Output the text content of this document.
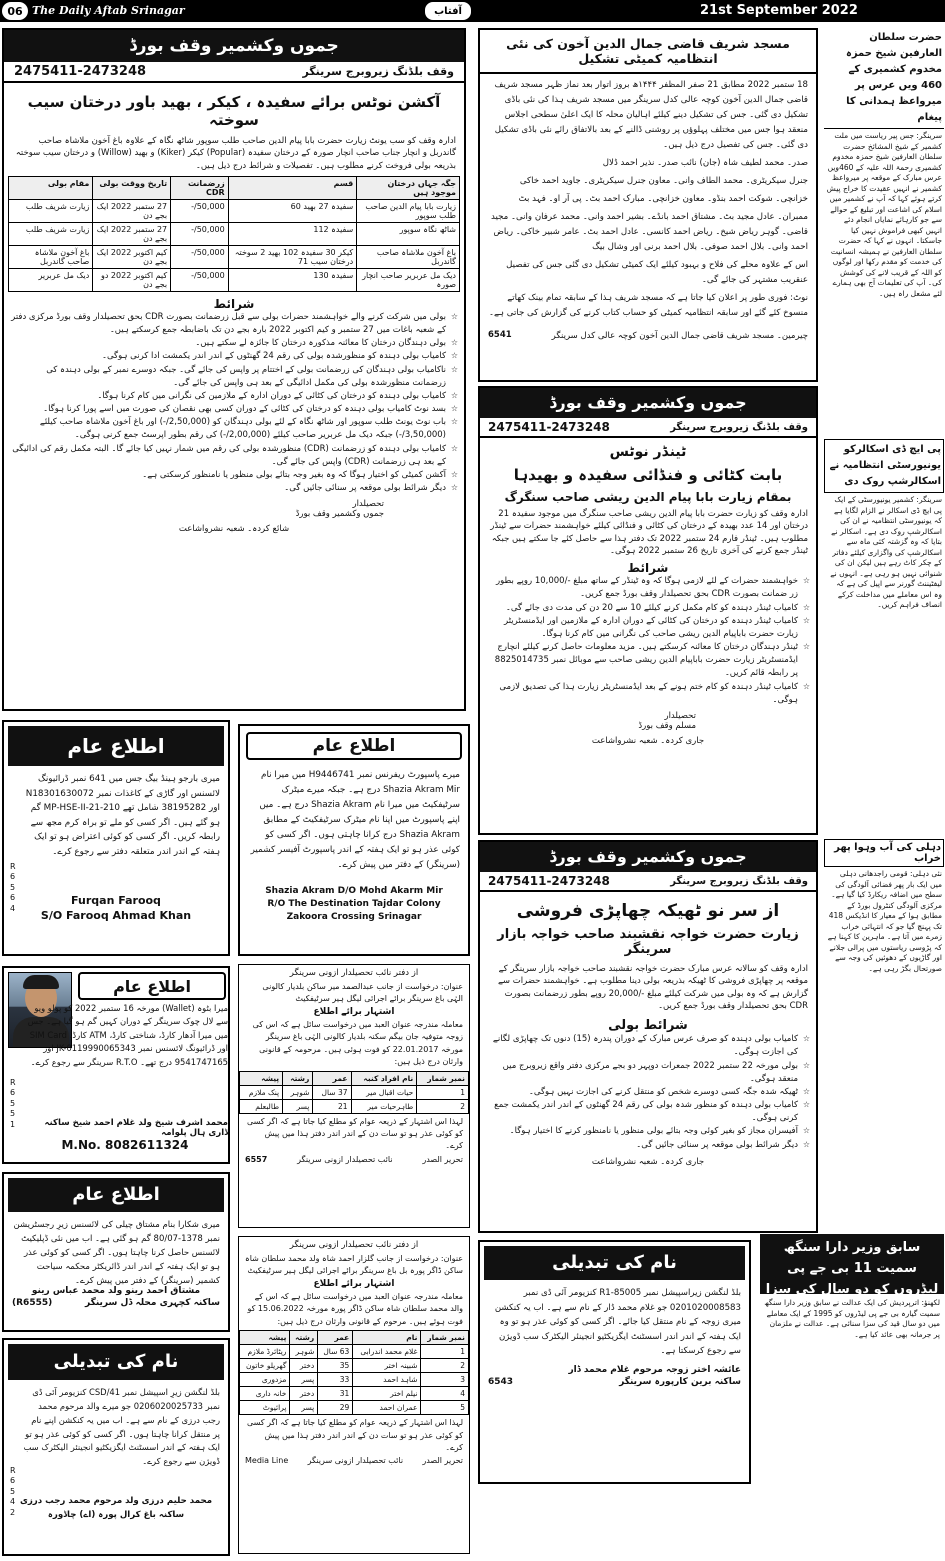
06 The Daily Aftab Srinagar	آفتاب	21st September 2022
جموں وکشمیر وقف بورڈ
وقف بلڈنگ زیروبرج سرینگر
2475411-2473248
آکشن نوٹس برائے سفیدہ ، کیکر ، بھید باور درختان سیب سوختہ
ادارہ وقف کو سب یونٹ زیارت حضرت بابا پیام الدین صاحب طلب سوپور شاٹھ نگاہ کے علاوہ باغ آخون ملاشاہ صاحب گاندربل و انچار جناب صاحب انچار صورہ کے درختان سفیدہ (Popular) کیکر (Kiker) و بھید (Willow) و درختان سیب سوختہ بذریعہ بولی فروخت کرنے مطلوب ہیں۔ تفصیلات و شرائط درج ذیل ہیں۔
جگہ جہاں درختان موجود ہیں	قسم	زرضمانت CDR	تاریخ ووقت بولی	مقام بولی
زیارت بابا پیام الدین صاحب طلب سوپور	سفیدہ 27 بھید 60	50,000/-	27 ستمبر 2022 ایک بجے دن	زیارت شریف طلب
شاٹھ نگاہ سوپور	سفیدہ 112	50,000/-	27 ستمبر 2022 ایک بجے دن	زیارت شریف طلب
باغ آخون ملاشاہ صاحب گاندربل	کیکر 30 سفیدہ 102 بھید 2 سوختہ درختان سیب 71	50,000/-	کیم اکتوبر 2022 ایک بجے دن	باغ آخون ملاشاہ صاحب گاندربل
دیک مل عربریر صاحب انچار صورہ	سفیدہ 130	50,000/-	کیم اکتوبر 2022 دو بجے دن	دیک مل عربریر
شرائط
☆ بولی میں شرکت کرنے والے خواہشمند حضرات بولی سے قبل زرضمانت بصورت CDR بحق تحصیلدار وقف بورڈ مرکزی دفتر کے شعبہ باغات میں 27 ستمبر و کیم اکتوبر 2022 بارہ بجے دن تک باضابطہ جمع کرسکتے ہیں۔
☆ بولی دہندگان درختان کا معائنہ مذکورہ درختان کا جائزہ لے سکتے ہیں۔
☆ کامیاب بولی دہندہ کو منظورشدہ بولی کی رقم 24 گھنٹوں کے اندر اندر یکمشت ادا کرنی ہوگی۔
☆ ناکامیاب بولی دہندگان کی زرضمانت بولی کے اختتام پر واپس کی جائے گی۔ جبکہ دوسرے نمبر کے بولی دہندہ کی زرضمانت منظورشدہ بولی کی مکمل ادائیگی کے بعد ہی واپس کی جائے گی۔
☆ کامیاب بولی دہندہ کو درختان کی کٹائی کے دوران ادارہ کے ملازمین کی نگرانی میں کام کرنا ہوگا۔
☆ بسد نوٹ کامیاب بولی دہندہ کو درختان کی کٹائی کے دوران کسی بھی نقصان کی صورت میں اسے پورا کرنا ہوگا۔
☆ باب نوٹ یونٹ طلب سوپور اور شاٹھ نگاہ کے لئے بولی دہندگان کو (2,50,000/-) اور باغ آخون ملاشاہ صاحب کیلئے (3,50,000/-) جبکہ دیک مل عربریر صاحب کیلئے (2,00,000/-) کی رقم بطور اپرسٹ جمع کرنی ہوگی۔
☆ کامیاب بولی دہندہ کو زرضمانت (CDR) منظورشدہ بولی کی رقم میں شمار نہیں کیا جائے گا۔ البتہ مکمل رقم کی ادائیگی کے بعد ہی زرضمانت (CDR) واپس کی جائے گی۔
☆ آکشن کمیٹی کو اختیار ہوگا کہ وہ بغیر وجہ بتائے بولی منظور یا نامنظور کرسکتی ہے۔
☆ دیگر شرائط بولی موقعہ پر سنائی جائیں گی۔
تحصیلدار
جموں وکشمیر وقف بورڈ
شائع کردہ۔ شعبہ نشرواشاعت
مسجد شریف قاضی جمال الدین آخون کی نئی انتظامیہ کمیٹی تشکیل

18 ستمبر 2022 مطابق 21 صفر المظفر ۱۴۴۴ھ بروز اتوار بعد نماز ظہر مسجد شریف قاضی جمال الدین آخون کوچہ عالی کدل سرینگر میں مسجد شریف ہذا کی نئی باڈی تشکیل دی گئی۔ جس کی تشکیل دینے کیلئے اہالیان محلہ کا ایک اعلیٰ سطحی اجلاس منعقد ہوا جس میں مختلف پہلوؤں پر روشنی ڈالنے کے بعد بالاتفاق رائے نئی باڈی تشکیل دی گئی۔ جس کی تفصیل درج ذیل ہیں۔

صدر۔ محمد لطیف شاہ (جان) نائب صدر۔ نذیر احمد ڈلال

جنرل سیکریٹری۔ محمد الطاف وانی۔ معاون جنرل سیکریٹری۔ جاوید احمد خاکی

خزانچی۔ شوکت احمد بنڈو۔ معاون خزانچی۔ مبارک احمد بٹ۔ پی آر او۔ فہد بٹ

ممبران۔ عادل مجید بٹ۔ مشتاق احمد بانڈے۔ بشیر احمد وانی۔ محمد عرفان وانی۔ مجید قاضی۔ گوہر ریاض شیخ۔ ریاض احمد کانسی۔ عادل احمد بٹ۔ عامر شبیر خاکی۔ ریاض احمد وانی۔ بلال احمد صوفی۔ بلال احمد برنی اور وشال بیگ

اس کے علاوہ محلے کی فلاح و بہبود کیلئے ایک کمیٹی تشکیل دی گئی جس کی تفصیل عنقریب مشتہر کی جائے گی۔

نوٹ: فوری طور پر اعلان کیا جاتا ہے کہ مسجد شریف ہذا کے سابقہ تمام بینک کھاتے منسوخ کئے گئے اور سابقہ انتظامیہ کمیٹی کو حساب کتاب کرنے کی گزارش کی جاتی ہے۔

چیرمین۔ مسجد شریف قاضی جمال الدین آخون کوچہ عالی کدل سرینگر
6541
جموں وکشمیر وقف بورڈ
وقف بلڈنگ زیروبرج سرینگر
2475411-2473248
ٹینڈر نوٹس
بابت کٹائی و فنڈائی سفیدہ و بھیدہا
بمقام زیارت بابا پیام الدین ریشی صاحب سنگرگ
ادارہ وقف کو زیارت حضرت بابا پیام الدین ریشی صاحب سنگرگ میں موجود سفیدہ 21 درختان اور 14 عدد بھیدہ کے درختان کی کٹائی و فنڈائی کیلئے خواہشمند حضرات سے ٹینڈر مطلوب ہیں۔ ٹینڈر فارم 24 ستمبر 2022 تک دفتر ہذا سے حاصل کئے جا سکتے ہیں جبکہ ٹینڈر جمع کرنے کی آخری تاریخ 26 ستمبر 2022 ہوگی۔
شرائط
☆ خواہشمند حضرات کے لئے لازمی ہوگا کہ وہ ٹینڈر کے ساتھ مبلغ -/10,000 روپے بطور زر ضمانت بصورت CDR بحق تحصیلدار وقف بورڈ جمع کریں۔
☆ کامیاب ٹینڈر دہندہ کو کام مکمل کرنے کیلئے 10 سے 20 دن کی مدت دی جائے گی۔
☆ کامیاب ٹینڈر دہندہ کو درختان کی کٹائی کے دوران ادارہ کے ملازمین اور ایڈمنسٹریٹر زیارت حضرت باباپیام الدین ریشی صاحب کی نگرانی میں کام کرنا ہوگا۔
☆ ٹینڈر دہندگان درختان کا معائنہ کرسکتے ہیں۔ مزید معلومات حاصل کرنے کیلئے انچارج ایڈمنسٹریٹر زیارت حضرت باباپیام الدین ریشی صاحب سے موبائل نمبر 8825014735 پر رابطہ قائم کریں۔
☆ کامیاب ٹینڈر دہندہ کو کام ختم ہونے کے بعد ایڈمنسٹریٹر زیارت ہذا کی تصدیق لازمی ہوگی۔
تحصیلدار
مسلم وقف بورڈ
جاری کردہ۔ شعبہ نشرواشاعت
جموں وکشمیر وقف بورڈ
وقف بلڈنگ زیروبرج سرینگر
2475411-2473248
از سر نو ٹھیکہ چھاپڑی فروشی
زیارت حضرت خواجہ نقشبند صاحب خواجہ بازار سرینگر
ادارہ وقف کو سالانہ عرس مبارک حضرت خواجہ نقشبند صاحب خواجہ بازار سرینگر کے موقعہ پر چھاپڑی فروشی کا ٹھیکہ بذریعہ بولی دینا مطلوب ہے۔ خواہشمند حضرات سے گزارش ہے کہ وہ بولی میں شرکت کیلئے مبلغ -/20,000 روپے بطور زرضمانت بصورت CDR بحق تحصیلدار وقف بورڈ جمع کریں۔
شرائط بولی
☆ کامیاب بولی دہندہ کو صرف عرس مبارک کے دوران پندرہ (15) دنوں تک چھاپڑی لگانے کی اجازت ہوگی۔
☆ بولی مورخہ 22 ستمبر 2022 جمعرات دوپہر دو بجے مرکزی دفتر واقع زیروبرج میں منعقد ہوگی۔
☆ ٹھیکہ شدہ جگہ کسی دوسرے شخص کو منتقل کرنے کی اجازت نہیں ہوگی۔
☆ کامیاب بولی دہندہ کو منظور شدہ بولی کی رقم 24 گھنٹوں کے اندر اندر یکمشت جمع کرنی ہوگی۔
☆ آفیسران مجاز کو بغیر کوئی وجہ بتائے بولی منظور یا نامنظور کرنے کا اختیار ہوگا۔
☆ دیگر شرائط بولی موقعہ پر سنائی جائیں گی۔
جاری کردہ۔ شعبہ نشرواشاعت
نام کی تبدیلی
بلڈ لنگشن زیراسپیشل نمبر R1-85005 کنزیومر آئی ڈی نمبر 0201020008583 جو غلام محمد ڈار کے نام سے ہے۔ اب یہ کنکشن میری زوجہ کے نام منتقل کیا جائے۔ اگر کسی کو کوئی عذر ہو تو وہ ایک ہفتہ کے اندر اندر اسسٹنٹ ایگزیکٹیو انجینئر الیکٹرک سب ڈویژن سے رجوع کرسکتا ہے۔
عائشہ اختر زوجہ مرحوم غلام محمد ڈار
ساکنہ برین کارپورہ سرینگر
6543
حضرت سلطان العارفین شیخ حمزہ مخدوم کشمیری کے 460 ویں عرس پر میرواعظ ہمدانی کا پیغام
سرینگر: جس پیر ریاست میں ملت کشمیر کے شیخ المشائخ حضرت سلطان العارفین شیخ حمزہ مخدوم کشمیری رحمۃ اللہ علیہ کے 460ویں عرس مبارک کے موقعہ پر میرواعظ کشمیر نے انہیں عقیدت کا خراج پیش کرتے ہوئے کہا کہ آپ نے کشمیر میں اسلام کی اشاعت اور تبلیغ کے حوالے سے جو کارہائے نمایاں انجام دئے انہیں کبھی فراموش نہیں کیا جاسکتا۔ انہوں نے کہا کہ حضرت سلطان العارفین نے ہمیشہ انسانیت کی خدمت کو مقدم رکھا اور لوگوں کو اللہ کے قریب لانے کی کوشش کی۔ آپ کی تعلیمات آج بھی ہمارے لئے مشعل راہ ہیں۔
پی ایچ ڈی اسکالرکو یونیورسٹی انتظامیہ نے اسکالرشپ روک دی
سرینگر: کشمیر یونیورسٹی کے ایک پی ایچ ڈی اسکالر نے الزام لگایا ہے کہ یونیورسٹی انتظامیہ نے ان کی اسکالرشپ روک دی ہے۔ اسکالر نے بتایا کہ وہ گزشتہ کئی ماہ سے اسکالرشپ کی واگزاری کیلئے دفاتر کے چکر کاٹ رہے ہیں لیکن ان کی شنوائی نہیں ہو رہی ہے۔ انہوں نے لیفٹیننٹ گورنر سے اپیل کی ہے کہ وہ اس معاملے میں مداخلت کرکے انصاف فراہم کریں۔
دہلی کی آب وہوا پھر خراب
نئی دہلی: قومی راجدھانی دہلی میں ایک بار پھر فضائی آلودگی کی سطح میں اضافہ ریکارڈ کیا گیا ہے۔ مرکزی آلودگی کنٹرول بورڈ کے مطابق ہوا کے معیار کا انڈیکس 418 تک پہنچ گیا جو کہ انتہائی خراب زمرے میں آتا ہے۔ ماہرین کا کہنا ہے کہ پڑوسی ریاستوں میں پرالی جلانے اور گاڑیوں کے دھوئیں کی وجہ سے صورتحال بگڑ رہی ہے۔
سابق وزیر دارا سنگھ سمیت 11 بی جے پی لیڈروں کو دو سال کی سزا
لکھنؤ: اترپردیش کی ایک عدالت نے سابق وزیر دارا سنگھ سمیت گیارہ بی جے پی لیڈروں کو 1995 کے ایک معاملے میں دو سال قید کی سزا سنائی ہے۔ عدالت نے ملزمان پر جرمانہ بھی عائد کیا ہے۔
اطلاع عام
میری بارجو ہینڈ بیگ جس میں 641 نمبر ڈرائیونگ لائسنس اور گاڑی کے کاغذات نمبر N18301630072 اور 38195282 شامل تھے MP-HSE-II-21-210 گم ہو گئے ہیں۔ اگر کسی کو ملے تو براہ کرم مجھ سے رابطہ کریں۔ اگر کسی کو کوئی اعتراض ہو تو ایک ہفتہ کے اندر اندر متعلقہ دفتر سے رجوع کرے۔
R
6
5
6
4
Furqan Farooq
S/O Farooq Ahmad Khan
اطلاع عام
میرے پاسپورٹ ریفرنس نمبر H9446741 میں میرا نام Shazia Akram Mir درج ہے۔ جبکہ میرے میٹرک سرٹیفکیٹ میں میرا نام Shazia Akram درج ہے۔ میں اپنے پاسپورٹ میں اپنا نام میٹرک سرٹیفکیٹ کے مطابق Shazia Akram درج کرانا چاہتی ہوں۔ اگر کسی کو کوئی عذر ہو تو ایک ہفتہ کے اندر پاسپورٹ آفیسر کشمیر (سرینگر) کے دفتر میں پیش کرے۔
Shazia Akram D/O Mohd Akarm Mir
R/O The Destination Tajdar Colony
Zakoora Crossing Srinagar
اطلاع عام
میرا بٹوہ (Wallet) مورخہ 16 ستمبر 2022 کو پولو ویو سے لال چوک سرینگر کے دوران کہیں گم ہو گیا ہے۔ جس میں میرا آدھار کارڈ، شناختی کارڈ، ATM کارڈ، SIM Card اور ڈرائیونگ لائسنس نمبر JK-0119990065343 اور 9541747165 درج تھے۔ R.T.O سرینگر سے رجوع کرے۔
R
6
5
5
1	محمد اشرف شیخ ولد غلام احمد شیخ ساکنہ ڈاری ہال پلوامہ
M.No. 8082611324
اطلاع عام
میری شکارا بنام مشتاق چیلی کی لائسنس زیرِ رجسٹریشن نمبر 1378-80/07 گم ہو گئی ہے۔ اب میں نئی ڈپلیکیٹ لائسنس حاصل کرنا چاہتا ہوں۔ اگر کسی کو کوئی عذر ہو تو ایک ہفتہ کے اندر اندر ڈائریکٹر محکمہ سیاحت کشمیر (سرینگر) کے دفتر میں پیش کرے۔
مشتاق احمد رینو ولد محمد عباس رینو
ساکنہ کچہری محلہ ڈل سرینگر
(R6555)
نام کی تبدیلی
بلڈ لنگشن زیرِ اسپیشل نمبر CSD/41 کنزیومر آئی ڈی نمبر 0206020025733 جو میرے والد مرحوم محمد رجب درزی کے نام سے ہے۔ اب میں یہ کنکشن اپنے نام پر منتقل کرانا چاہتا ہوں۔ اگر کسی کو کوئی عذر ہو تو ایک ہفتہ کے اندر اسسٹنٹ ایگزیکٹیو انجینئر الیکٹرک سب ڈویژن سے رجوع کرے۔
R
6
5
4
2
محمد حلیم درزی ولد مرحوم محمد رجب درزی
ساکنہ باغ کرال پورہ (اے) چاڈورہ
از دفتر نائب تحصیلدار ازونی سرینگر
عنوان: درخواست از جانب عبدالصمد میر ساکن بلدیار کالونی الہٰی باغ سرینگر برائے اجرائی لیگل ہیر سرٹیفکیٹ
اشتہار برائے اطلاع
معاملہ مندرجہ عنوان العبد میں درخواست سائل ہے کہ اس کی زوجہ متوفیہ جان بیگم سکنہ بلدیار کالونی الہٰی باغ سرینگر مورخہ 22.01.2017 کو فوت ہوئی ہیں۔ مرحومہ کے قانونی وارثان درج ذیل ہیں:
نمبر شمار	نام افراد کنبہ	عمر	رشتہ	پیشہ
1	حیات اقبال میر	37 سال	شوہر	پنک ملازم
2	طاہرحیات میر	21	پسر	طالبعلم
لہذا اس اشتہار کے ذریعہ عوام کو مطلع کیا جاتا ہے کہ اگر کسی کو کوئی عذر ہو تو سات دن کے اندر اندر دفتر ہذا میں پیش کرے۔
تحریر الصدر
نائب تحصیلدار ازونی سرینگر
6557
از دفتر نائب تحصیلدار ازونی سرینگر
عنوان: درخواست از جانب گلزار احمد شاہ ولد محمد سلطان شاہ ساکن ڈاگر پورہ بل باغ سرینگر برائے اجرائی لیگل ہیر سرٹیفکیٹ
اشتہار برائے اطلاع
معاملہ مندرجہ عنوان العبد میں درخواست سائل ہے کہ اس کے والد محمد سلطان شاہ ساکن ڈاگر پورہ مورخہ 15.06.2022 کو فوت ہوئے ہیں۔ مرحوم کے قانونی وارثان درج ذیل ہیں:
نمبر شمار	نام	عمر	رشتہ	پیشہ
1	غلام محمد اندرابی	63 سال	شوہر	ریٹائرڈ ملازم
2	شبینہ اختر	35	دختر	گھریلو خاتون
3	شاہد احمد	33	پسر	مزدوری
4	نیلم اختر	31	دختر	خانہ داری
5	عمران احمد	29	پسر	پرائیوٹ
لہذا اس اشتہار کے ذریعہ عوام کو مطلع کیا جاتا ہے کہ اگر کسی کو کوئی عذر ہو تو سات دن کے اندر اندر دفتر ہذا میں پیش کرے۔
تحریر الصدر
نائب تحصیلدار ازونی سرینگر
Media Line
